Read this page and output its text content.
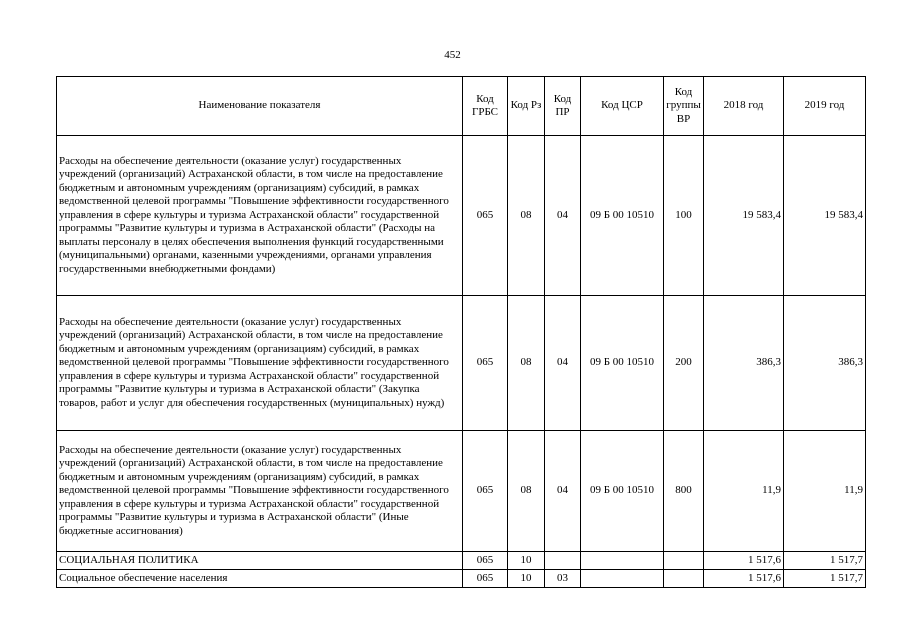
452
Наименование показателя	Код ГРБС	Код Рз	Код ПР	Код ЦСР	Код группы ВР	2018 год	2019 год
Расходы на обеспечение деятельности (оказание услуг) государственных учреждений (организаций) Астраханской области, в том числе на предоставление бюджетным и автономным учреждениям (организациям) субсидий, в рамках ведомственной целевой программы "Повышение эффективности государственного управления в сфере культуры и туризма Астраханской области" государственной программы "Развитие культуры и туризма в Астраханской области" (Расходы на выплаты персоналу в целях обеспечения выполнения функций государственными (муниципальными) органами, казенными учреждениями, органами управления государственными внебюджетными фондами)	065	08	04	09 Б 00 10510	100	19 583,4	19 583,4
Расходы на обеспечение деятельности (оказание услуг) государственных учреждений (организаций) Астраханской области, в том числе на предоставление бюджетным и автономным учреждениям (организациям) субсидий, в рамках ведомственной целевой программы "Повышение эффективности государственного управления в сфере культуры и туризма Астраханской области" государственной программы "Развитие культуры и туризма в Астраханской области" (Закупка товаров, работ и услуг для обеспечения государственных (муниципальных) нужд)	065	08	04	09 Б 00 10510	200	386,3	386,3
Расходы на обеспечение деятельности (оказание услуг) государственных учреждений (организаций) Астраханской области, в том числе на предоставление бюджетным и автономным учреждениям (организациям) субсидий, в рамках ведомственной целевой программы "Повышение эффективности государственного управления в сфере культуры и туризма Астраханской области" государственной программы "Развитие культуры и туризма в Астраханской области" (Иные бюджетные ассигнования)	065	08	04	09 Б 00 10510	800	11,9	11,9
СОЦИАЛЬНАЯ ПОЛИТИКА	065	10				1 517,6	1 517,7
Социальное обеспечение населения	065	10	03			1 517,6	1 517,7
